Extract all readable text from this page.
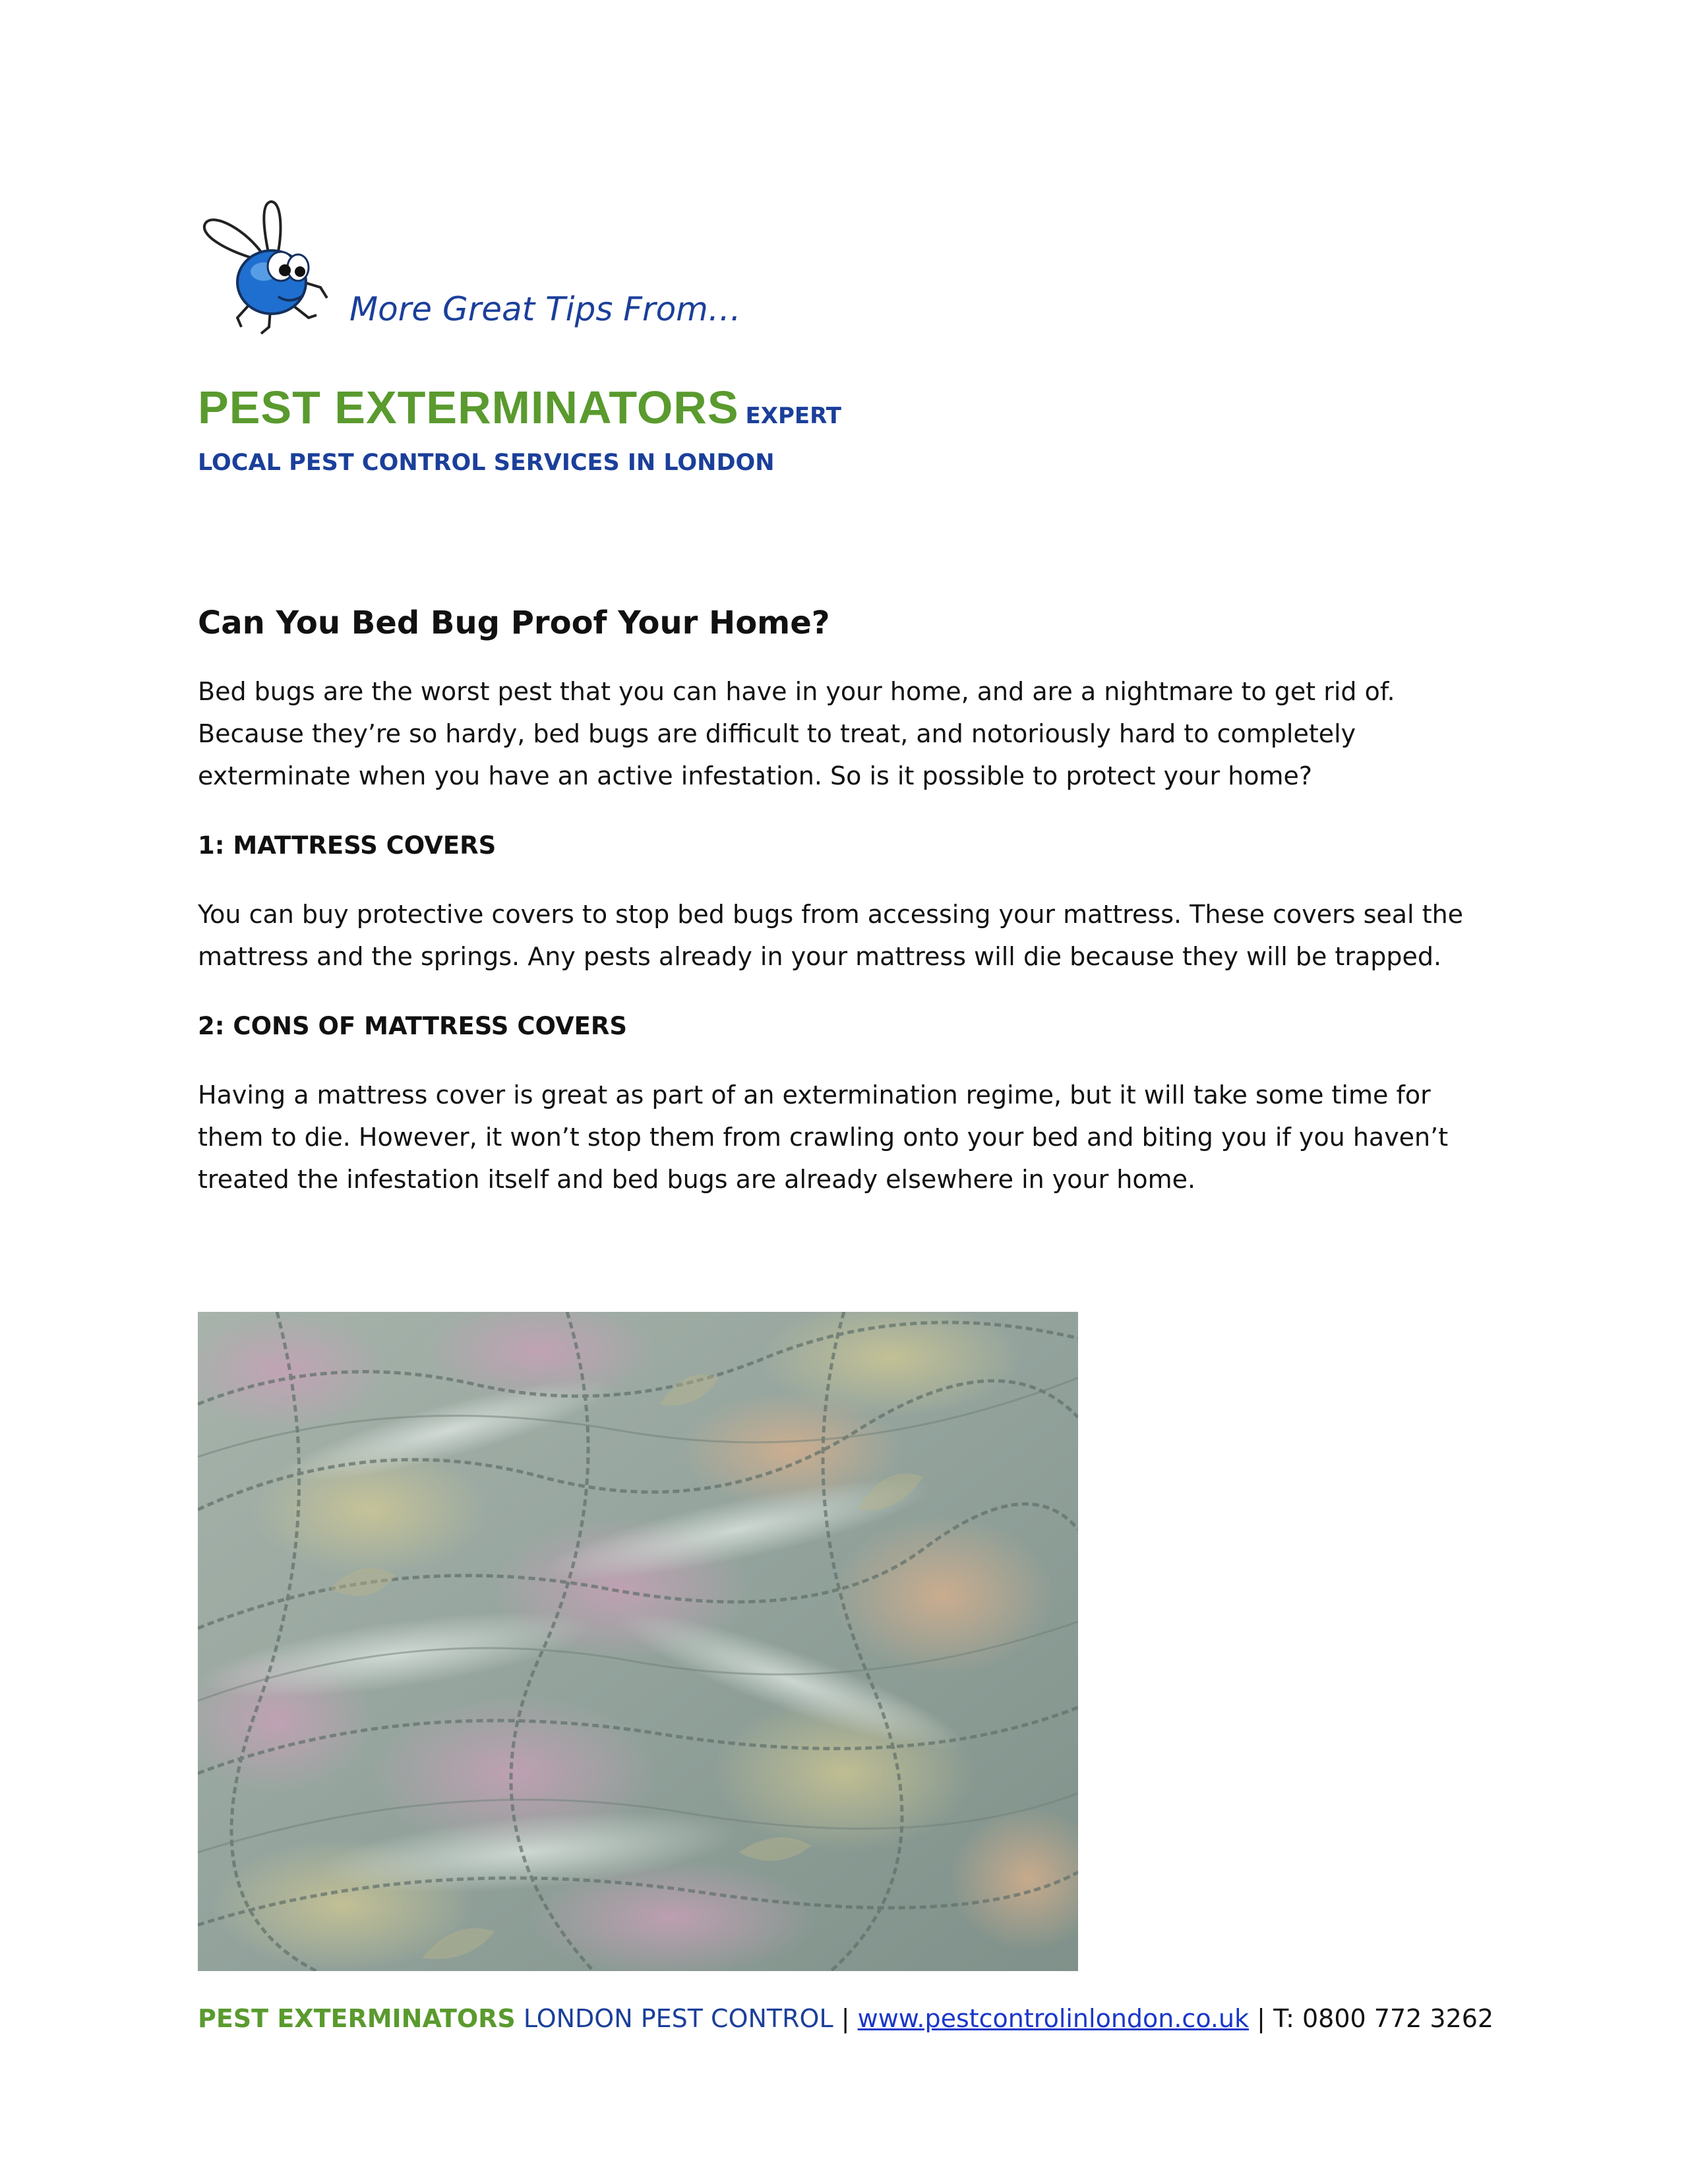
More Great Tips From…
PEST EXTERMINATORS EXPERT
LOCAL PEST CONTROL SERVICES IN LONDON
Can You Bed Bug Proof Your Home?

Bed bugs are the worst pest that you can have in your home, and are a nightmare to get rid of. Because they’re so hardy, bed bugs are difficult to treat, and notoriously hard to completely exterminate when you have an active infestation. So is it possible to protect your home?

1: MATTRESS COVERS

You can buy protective covers to stop bed bugs from accessing your mattress. These covers seal the mattress and the springs. Any pests already in your mattress will die because they will be trapped.

2: CONS OF MATTRESS COVERS

Having a mattress cover is great as part of an extermination regime, but it will take some time for them to die. However, it won’t stop them from crawling onto your bed and biting you if you haven’t treated the infestation itself and bed bugs are already elsewhere in your home.

PEST EXTERMINATORS LONDON PEST CONTROL | www.pestcontrolinlondon.co.uk | T: 0800 772 3262
